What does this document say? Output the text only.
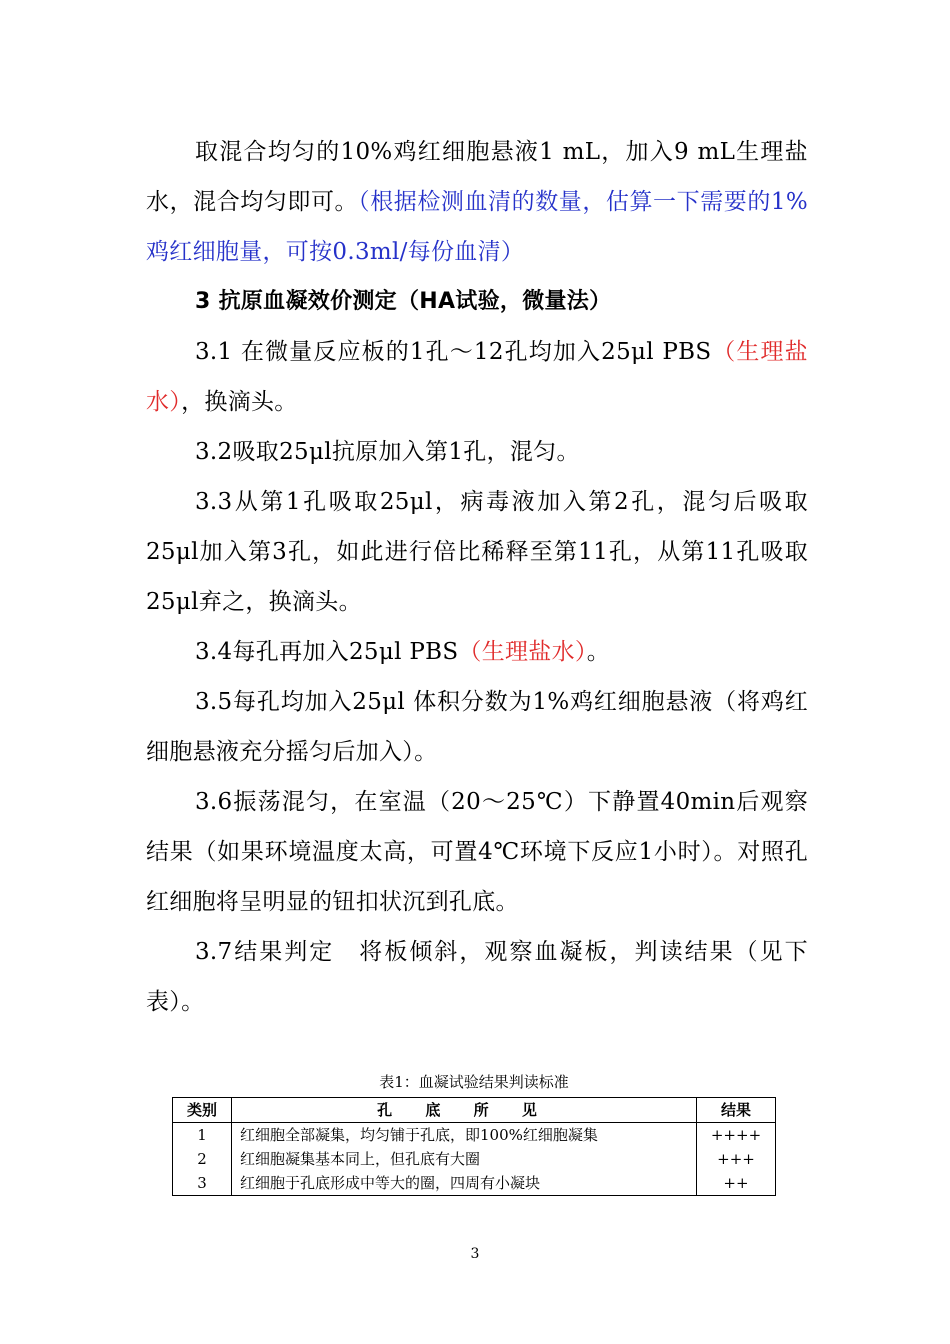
取混合均匀的10%鸡红细胞悬液1 mL，加入9 mL生理盐水，混合均匀即可。（根据检测血清的数量，估算一下需要的1%鸡红细胞量，可按0.3ml/每份血清）

3 抗原血凝效价测定（HA试验，微量法）

3.1 在微量反应板的1孔～12孔均加入25μl PBS（生理盐水），换滴头。

3.2吸取25μl抗原加入第1孔，混匀。

3.3从第1孔吸取25μl，病毒液加入第2孔，混匀后吸取25μl加入第3孔，如此进行倍比稀释至第11孔，从第11孔吸取25μl弃之，换滴头。

3.4每孔再加入25μl PBS（生理盐水）。

3.5每孔均加入25μl 体积分数为1%鸡红细胞悬液（将鸡红细胞悬液充分摇匀后加入）。

3.6振荡混匀，在室温（20～25℃）下静置40min后观察结果（如果环境温度太高，可置4℃环境下反应1小时）。对照孔红细胞将呈明显的钮扣状沉到孔底。

3.7结果判定　将板倾斜，观察血凝板，判读结果（见下表）。

表1：血凝试验结果判读标准
类别	孔 底 所 见	结果
1	红细胞全部凝集，均匀铺于孔底，即100%红细胞凝集	++++
2	红细胞凝集基本同上，但孔底有大圈	+++
3	红细胞于孔底形成中等大的圈，四周有小凝块	++
3
